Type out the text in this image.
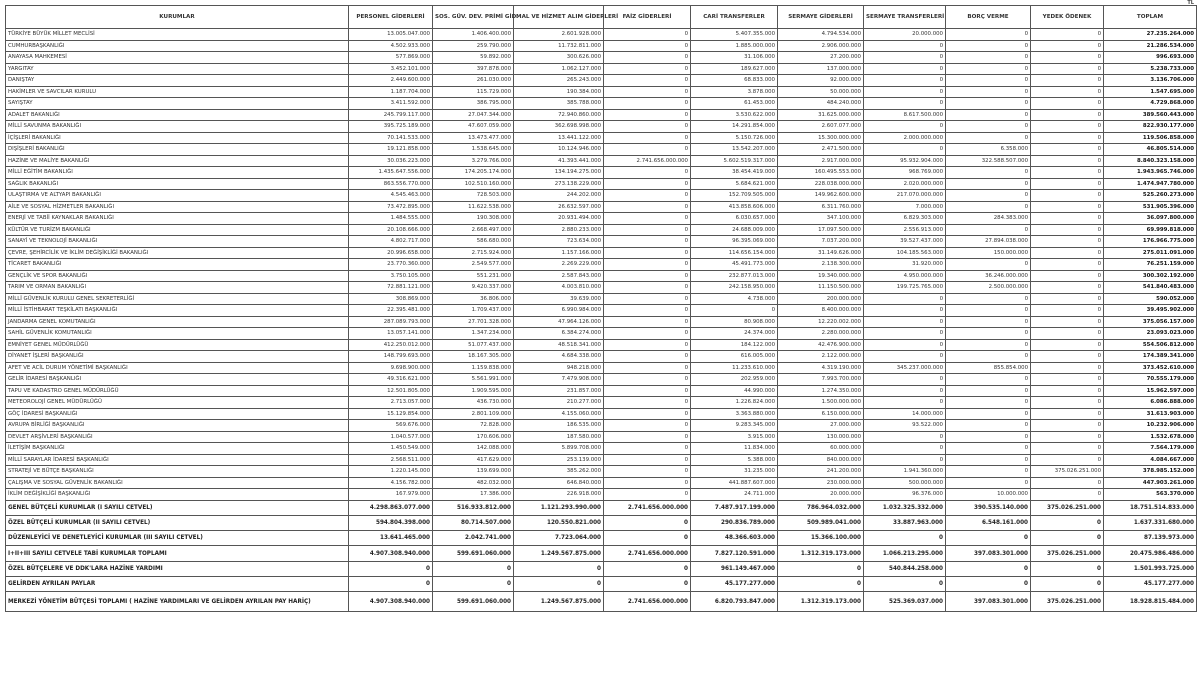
TL
KURUMLAR	PERSONEL GİDERLERİ	SOS. GÜV. DEV. PRİMİ GİD.	MAL VE HİZMET ALIM GİDERLERİ	FAİZ GİDERLERİ	CARİ TRANSFERLER	SERMAYE GİDERLERİ	SERMAYE TRANSFERLERİ	BORÇ VERME	YEDEK ÖDENEK	TOPLAM
TÜRKİYE BÜYÜK MİLLET MECLİSİ	13.005.047.000	1.406.400.000	2.601.928.000	0	5.407.355.000	4.794.534.000	20.000.000	0	0	27.235.264.000
CUMHURBAŞKANLIĞI	4.502.933.000	259.790.000	11.732.811.000	0	1.885.000.000	2.906.000.000	0	0	0	21.286.534.000
ANAYASA MAHKEMESİ	577.869.000	59.892.000	300.626.000	0	31.106.000	27.200.000	0	0	0	996.693.000
YARGITAY	3.452.101.000	397.878.000	1.062.127.000	0	189.627.000	137.000.000	0	0	0	5.238.733.000
DANIŞTAY	2.449.600.000	261.030.000	265.243.000	0	68.833.000	92.000.000	0	0	0	3.136.706.000
HAKİMLER VE SAVCILAR KURULU	1.187.704.000	115.729.000	190.384.000	0	3.878.000	50.000.000	0	0	0	1.547.695.000
SAYIŞTAY	3.411.592.000	386.795.000	385.788.000	0	61.453.000	484.240.000	0	0	0	4.729.868.000
ADALET BAKANLIĞI	245.799.117.000	27.047.344.000	72.940.860.000	0	3.530.622.000	31.625.000.000	8.617.500.000	0	0	389.560.443.000
MİLLİ SAVUNMA BAKANLIĞI	395.725.189.000	47.607.059.000	362.698.998.000	0	14.291.854.000	2.607.077.000	0	0	0	822.930.177.000
İÇİŞLERİ BAKANLIĞI	70.141.533.000	13.473.477.000	13.441.122.000	0	5.150.726.000	15.300.000.000	2.000.000.000	0	0	119.506.858.000
DIŞİŞLERİ BAKANLIĞI	19.121.858.000	1.538.645.000	10.124.946.000	0	13.542.207.000	2.471.500.000	0	6.358.000	0	46.805.514.000
HAZİNE VE MALİYE BAKANLIĞI	30.036.223.000	3.279.766.000	41.393.441.000	2.741.656.000.000	5.602.519.317.000	2.917.000.000	95.932.904.000	322.588.507.000	0	8.840.323.158.000
MİLLİ EĞİTİM BAKANLIĞI	1.435.647.556.000	174.205.174.000	134.194.275.000	0	38.454.419.000	160.495.553.000	968.769.000	0	0	1.943.965.746.000
SAĞLIK BAKANLIĞI	863.556.770.000	102.510.160.000	273.138.229.000	0	5.684.621.000	228.038.000.000	2.020.000.000	0	0	1.474.947.780.000
ULAŞTIRMA VE ALTYAPI BAKANLIĞI	4.545.463.000	728.503.000	244.202.000	0	152.709.505.000	149.962.600.000	217.070.000.000	0	0	525.260.273.000
AİLE VE SOSYAL HİZMETLER BAKANLIĞI	73.472.895.000	11.622.538.000	26.632.597.000	0	413.858.606.000	6.311.760.000	7.000.000	0	0	531.905.396.000
ENERJİ VE TABİİ KAYNAKLAR BAKANLIĞI	1.484.555.000	190.308.000	20.931.494.000	0	6.030.657.000	347.100.000	6.829.303.000	284.383.000	0	36.097.800.000
KÜLTÜR VE TURİZM BAKANLIĞI	20.108.666.000	2.668.497.000	2.880.233.000	0	24.688.009.000	17.097.500.000	2.556.913.000	0	0	69.999.818.000
SANAYİ VE TEKNOLOJİ BAKANLIĞI	4.802.717.000	586.680.000	723.634.000	0	96.395.069.000	7.037.200.000	39.527.437.000	27.894.038.000	0	176.966.775.000
ÇEVRE, ŞEHİRCİLİK VE İKLİM DEĞİŞİKLİĞİ BAKANLIĞI	20.996.658.000	2.715.924.000	1.157.166.000	0	114.656.154.000	31.149.626.000	104.185.563.000	150.000.000	0	275.011.091.000
TİCARET BAKANLIĞI	23.770.360.000	2.549.577.000	2.269.229.000	0	45.491.773.000	2.138.300.000	31.920.000	0	0	76.251.159.000
GENÇLİK VE SPOR BAKANLIĞI	3.750.105.000	551.231.000	2.587.843.000	0	232.877.013.000	19.340.000.000	4.950.000.000	36.246.000.000	0	300.302.192.000
TARIM VE ORMAN BAKANLIĞI	72.881.121.000	9.420.337.000	4.003.810.000	0	242.158.950.000	11.150.500.000	199.725.765.000	2.500.000.000	0	541.840.483.000
MİLLİ GÜVENLİK KURULU GENEL SEKRETERLİĞİ	308.869.000	36.806.000	39.639.000	0	4.738.000	200.000.000	0	0	0	590.052.000
MİLLİ İSTİHBARAT TEŞKİLATI BAŞKANLIĞI	22.395.481.000	1.709.437.000	6.990.984.000	0	0	8.400.000.000	0	0	0	39.495.902.000
JANDARMA GENEL KOMUTANLIĞI	287.089.793.000	27.701.328.000	47.964.126.000	0	80.908.000	12.220.002.000	0	0	0	375.056.157.000
SAHİL GÜVENLİK KOMUTANLIĞI	13.057.141.000	1.347.234.000	6.384.274.000	0	24.374.000	2.280.000.000	0	0	0	23.093.023.000
EMNİYET GENEL MÜDÜRLÜĞÜ	412.250.012.000	51.077.437.000	48.518.341.000	0	184.122.000	42.476.900.000	0	0	0	554.506.812.000
DİYANET İŞLERİ BAŞKANLIĞI	148.799.693.000	18.167.305.000	4.684.338.000	0	616.005.000	2.122.000.000	0	0	0	174.389.341.000
AFET VE ACİL DURUM YÖNETİMİ BAŞKANLIĞI	9.698.900.000	1.159.838.000	948.218.000	0	11.233.610.000	4.319.190.000	345.237.000.000	855.854.000	0	373.452.610.000
GELİR İDARESİ BAŞKANLIĞI	49.316.621.000	5.561.991.000	7.479.908.000	0	202.959.000	7.993.700.000	0	0	0	70.555.179.000
TAPU VE KADASTRO GENEL MÜDÜRLÜĞÜ	12.501.805.000	1.909.595.000	231.857.000	0	44.990.000	1.274.350.000	0	0	0	15.962.597.000
METEOROLOJİ GENEL MÜDÜRLÜĞÜ	2.713.057.000	436.730.000	210.277.000	0	1.226.824.000	1.500.000.000	0	0	0	6.086.888.000
GÖÇ İDARESİ BAŞKANLIĞI	15.129.854.000	2.801.109.000	4.155.060.000	0	3.363.880.000	6.150.000.000	14.000.000	0	0	31.613.903.000
AVRUPA BİRLİĞİ BAŞKANLIĞI	569.676.000	72.828.000	186.535.000	0	9.283.345.000	27.000.000	93.522.000	0	0	10.232.906.000
DEVLET ARŞİVLERİ BAŞKANLIĞI	1.040.577.000	170.606.000	187.580.000	0	3.915.000	130.000.000	0	0	0	1.532.678.000
İLETİŞİM BAŞKANLIĞI	1.450.549.000	142.088.000	5.899.708.000	0	11.834.000	60.000.000	0	0	0	7.564.179.000
MİLLİ SARAYLAR İDARESİ BAŞKANLIĞI	2.568.511.000	417.629.000	253.139.000	0	5.388.000	840.000.000	0	0	0	4.084.667.000
STRATEJİ VE BÜTÇE BAŞKANLIĞI	1.220.145.000	139.699.000	385.262.000	0	31.235.000	241.200.000	1.941.360.000	0	375.026.251.000	378.985.152.000
ÇALIŞMA VE SOSYAL GÜVENLİK BAKANLIĞI	4.156.782.000	482.032.000	646.840.000	0	441.887.607.000	230.000.000	500.000.000	0	0	447.903.261.000
İKLİM DEĞİŞİKLİĞİ BAŞKANLIĞI	167.979.000	17.386.000	226.918.000	0	24.711.000	20.000.000	96.376.000	10.000.000	0	563.370.000
GENEL BÜTÇELİ KURUMLAR (I SAYILI CETVEL)	4.298.863.077.000	516.933.812.000	1.121.293.990.000	2.741.656.000.000	7.487.917.199.000	786.964.032.000	1.032.325.332.000	390.535.140.000	375.026.251.000	18.751.514.833.000
ÖZEL BÜTÇELİ KURUMLAR (II SAYILI CETVEL)	594.804.398.000	80.714.507.000	120.550.821.000	0	290.836.789.000	509.989.041.000	33.887.963.000	6.548.161.000	0	1.637.331.680.000
DÜZENLEYİCİ VE DENETLEYİCİ KURUMLAR (III SAYILI CETVEL)	13.641.465.000	2.042.741.000	7.723.064.000	0	48.366.603.000	15.366.100.000	0	0	0	87.139.973.000
I+II+III SAYILI CETVELE TABİ KURUMLAR TOPLAMI	4.907.308.940.000	599.691.060.000	1.249.567.875.000	2.741.656.000.000	7.827.120.591.000	1.312.319.173.000	1.066.213.295.000	397.083.301.000	375.026.251.000	20.475.986.486.000
ÖZEL BÜTÇELERE VE DDK'LARA HAZİNE YARDIMI	0	0	0	0	961.149.467.000	0	540.844.258.000	0	0	1.501.993.725.000
GELİRDEN AYRILAN PAYLAR	0	0	0	0	45.177.277.000	0	0	0	0	45.177.277.000
MERKEZİ YÖNETİM BÜTÇESİ TOPLAMI ( HAZİNE YARDIMLARI VE GELİRDEN AYRILAN PAY HARİÇ)	4.907.308.940.000	599.691.060.000	1.249.567.875.000	2.741.656.000.000	6.820.793.847.000	1.312.319.173.000	525.369.037.000	397.083.301.000	375.026.251.000	18.928.815.484.000
